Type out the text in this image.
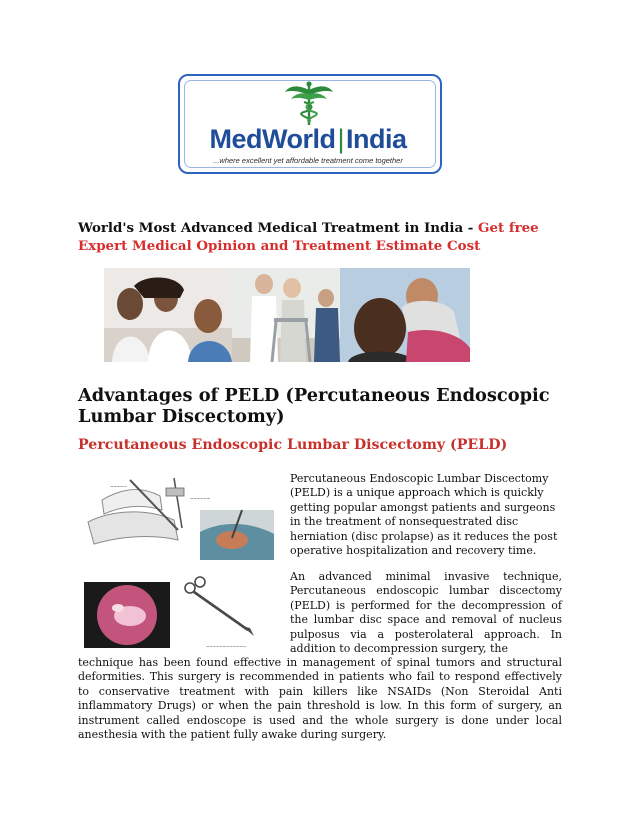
MedWorld|India
...where excellent yet affordable treatment come together
World's Most Advanced Medical Treatment in India - Get free Expert Medical Opinion and Treatment Estimate Cost
Advantages of PELD (Percutaneous Endoscopic Lumbar Discectomy)
Percutaneous Endoscopic Lumbar Discectomy (PELD)
~~~~~
~~~~~~
~~~~~~~~~~~~

Percutaneous Endoscopic Lumbar Discectomy (PELD) is a unique approach which is quickly getting popular amongst patients and surgeons in the treatment of nonsequestrated disc herniation (disc prolapse) as it reduces the post operative hospitalization and recovery time.

An advanced minimal invasive technique, Percutaneous endoscopic lumbar discectomy (PELD) is performed for the decompression of the lumbar disc space and removal of nucleus pulposus via a posterolateral approach. In addition to decompression surgery, the

technique has been found effective in management of spinal tumors and structural deformities. This surgery is recommended in patients who fail to respond effectively to conservative treatment with pain killers like NSAIDs (Non Steroidal Anti inflammatory Drugs) or when the pain threshold is low. In this form of surgery, an instrument called endoscope is used and the whole surgery is done under local anesthesia with the patient fully awake during surgery.
